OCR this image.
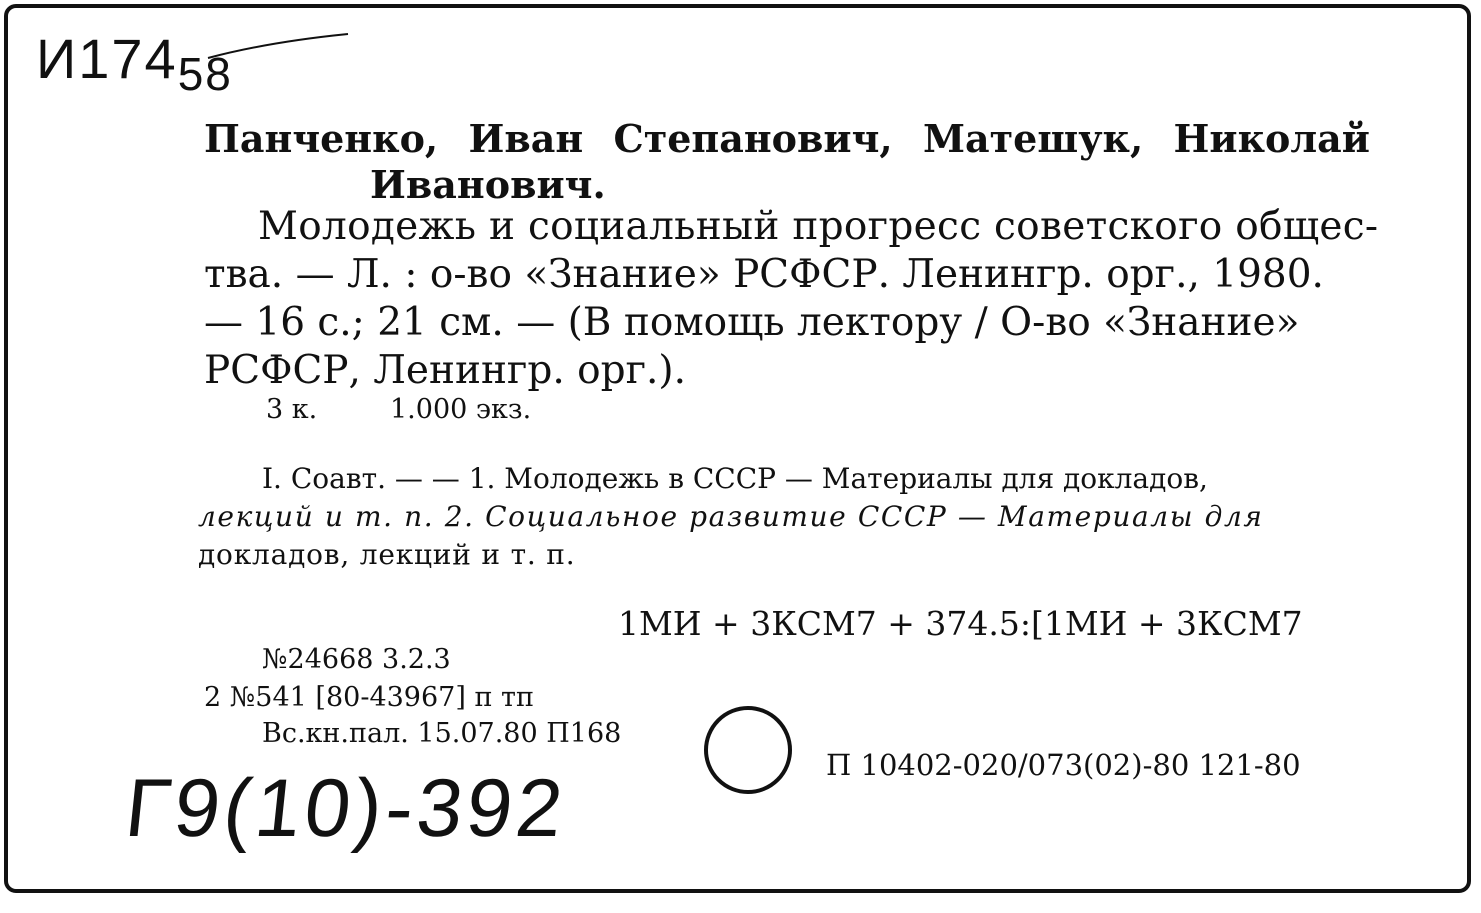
$И174_{58}$
Панченко, Иван Степанович, Матешук, Николай
Иванович.
Молодежь и социальный прогресс советского общес-
тва. — Л. : о-во «Знание» РСФСР. Ленингр. орг., 1980.
— 16 с.; 21 см. — (В помощь лектору / О-во «Знание»
РСФСР, Ленингр. орг.).
3 к.	1.000 экз.
I. Соавт. — — 1. Молодежь в СССР — Материалы для докладов,
лекций и т. п. 2. Социальное развитие СССР — Материалы для
докладов, лекций и т. п.
1МИ + 3КСМ7 + 374.5:[1МИ + 3КСМ7
№24668 3.2.3
2 №541 [80-43967] п тп
Вс.кн.пал. 15.07.80 П168
П 10402-020/073(02)-80 121-80
Г9(10)-392
